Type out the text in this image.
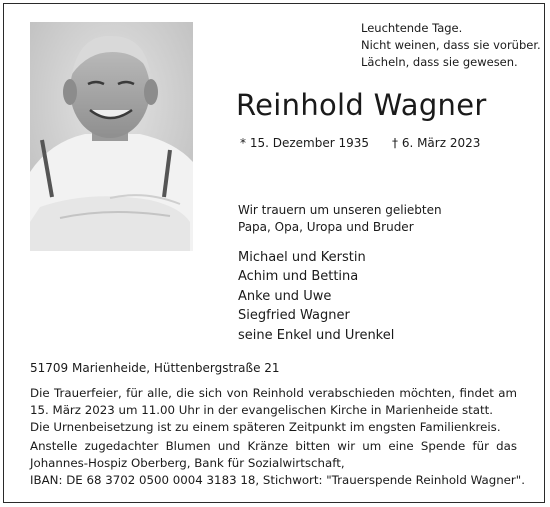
Leuchtende Tage.
Nicht weinen, dass sie vorüber.
Lächeln, dass sie gewesen.
Reinhold Wagner
* 15. Dezember 1935 † 6. März 2023
Wir trauern um unseren geliebten
Papa, Opa, Uropa und Bruder
Michael und Kerstin
Achim und Bettina
Anke und Uwe
Siegfried Wagner
seine Enkel und Urenkel
51709 Marienheide, Hüttenbergstraße 21
Die Trauerfeier, für alle, die sich von Reinhold verabschieden möchten, findet am
15. März 2023 um 11.00 Uhr in der evangelischen Kirche in Marienheide statt.
Die Urnenbeisetzung ist zu einem späteren Zeitpunkt im engsten Familienkreis.
Anstelle zugedachter Blumen und Kränze bitten wir um eine Spende für das
Johannes-Hospiz Oberberg, Bank für Sozialwirtschaft,
IBAN: DE 68 3702 0500 0004 3183 18, Stichwort: "Trauerspende Reinhold Wagner".
